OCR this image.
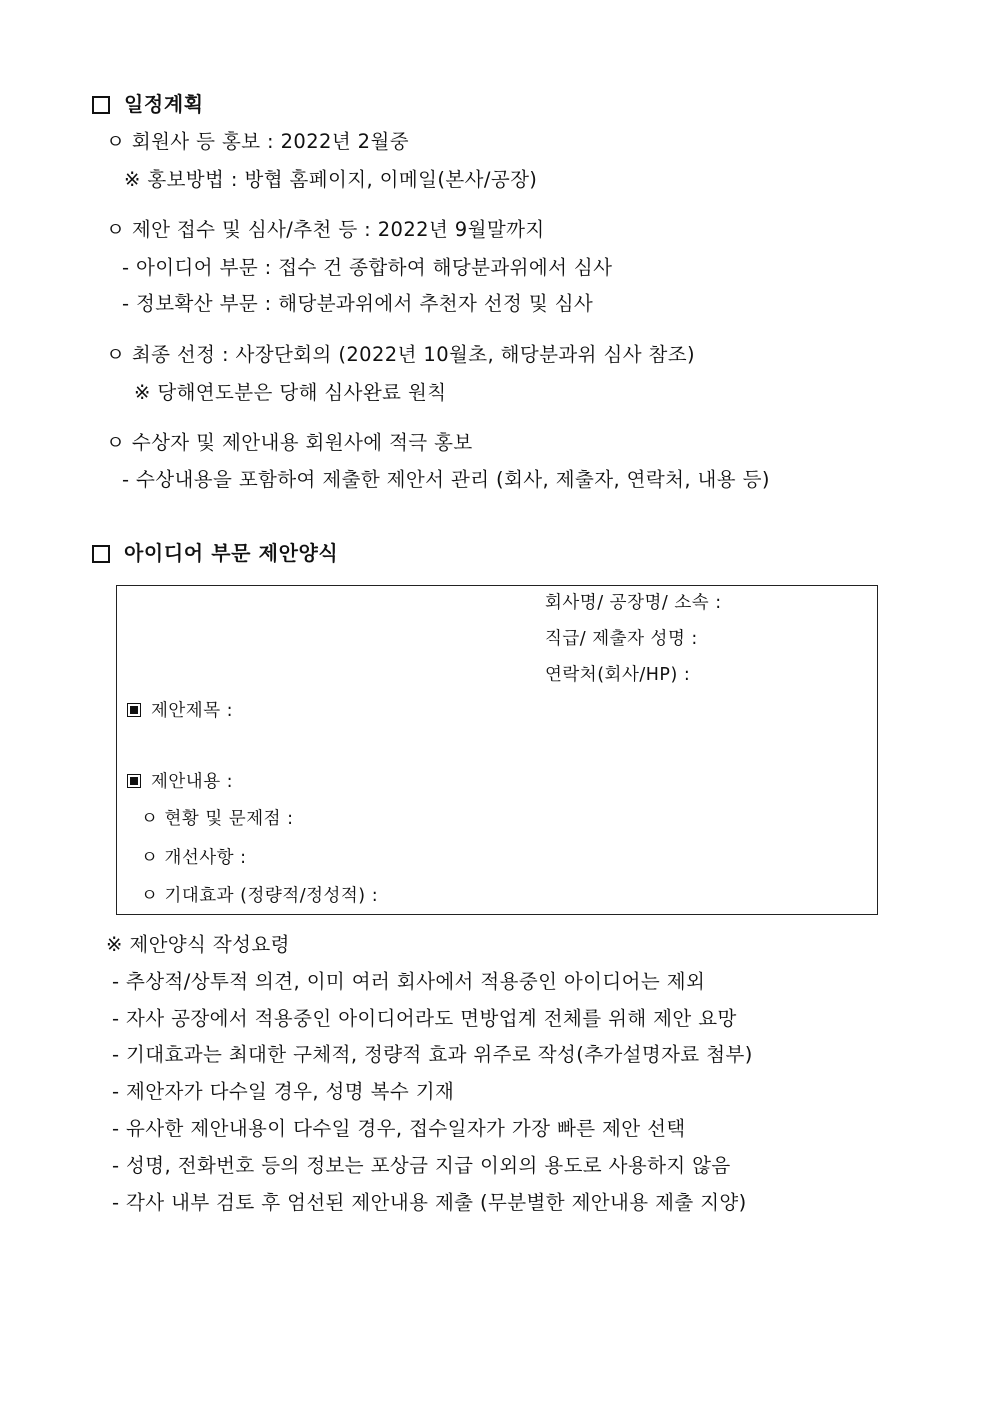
일정계획
ㅇ 회원사 등 홍보 : 2022년 2월중
※ 홍보방법 : 방협 홈페이지, 이메일(본사/공장)
ㅇ 제안 접수 및 심사/추천 등 : 2022년 9월말까지
- 아이디어 부문 : 접수 건 종합하여 해당분과위에서 심사
- 정보확산 부문 : 해당분과위에서 추천자 선정 및 심사
ㅇ 최종 선정 : 사장단회의 (2022년 10월초, 해당분과위 심사 참조)
※ 당해연도분은 당해 심사완료 원칙
ㅇ 수상자 및 제안내용 회원사에 적극 홍보
- 수상내용을 포함하여 제출한 제안서 관리 (회사, 제출자, 연락처, 내용 등)
아이디어 부문 제안양식
회사명/ 공장명/ 소속 :
직급/ 제출자 성명 :
연락처(회사/HP) :
제안제목 :
제안내용 :
ㅇ 현황 및 문제점 :
ㅇ 개선사항 :
ㅇ 기대효과 (정량적/정성적) :
※ 제안양식 작성요령
- 추상적/상투적 의견, 이미 여러 회사에서 적용중인 아이디어는 제외
- 자사 공장에서 적용중인 아이디어라도 면방업계 전체를 위해 제안 요망
- 기대효과는 최대한 구체적, 정량적 효과 위주로 작성(추가설명자료 첨부)
- 제안자가 다수일 경우, 성명 복수 기재
- 유사한 제안내용이 다수일 경우, 접수일자가 가장 빠른 제안 선택
- 성명, 전화번호 등의 정보는 포상금 지급 이외의 용도로 사용하지 않음
- 각사 내부 검토 후 엄선된 제안내용 제출 (무분별한 제안내용 제출 지양)
